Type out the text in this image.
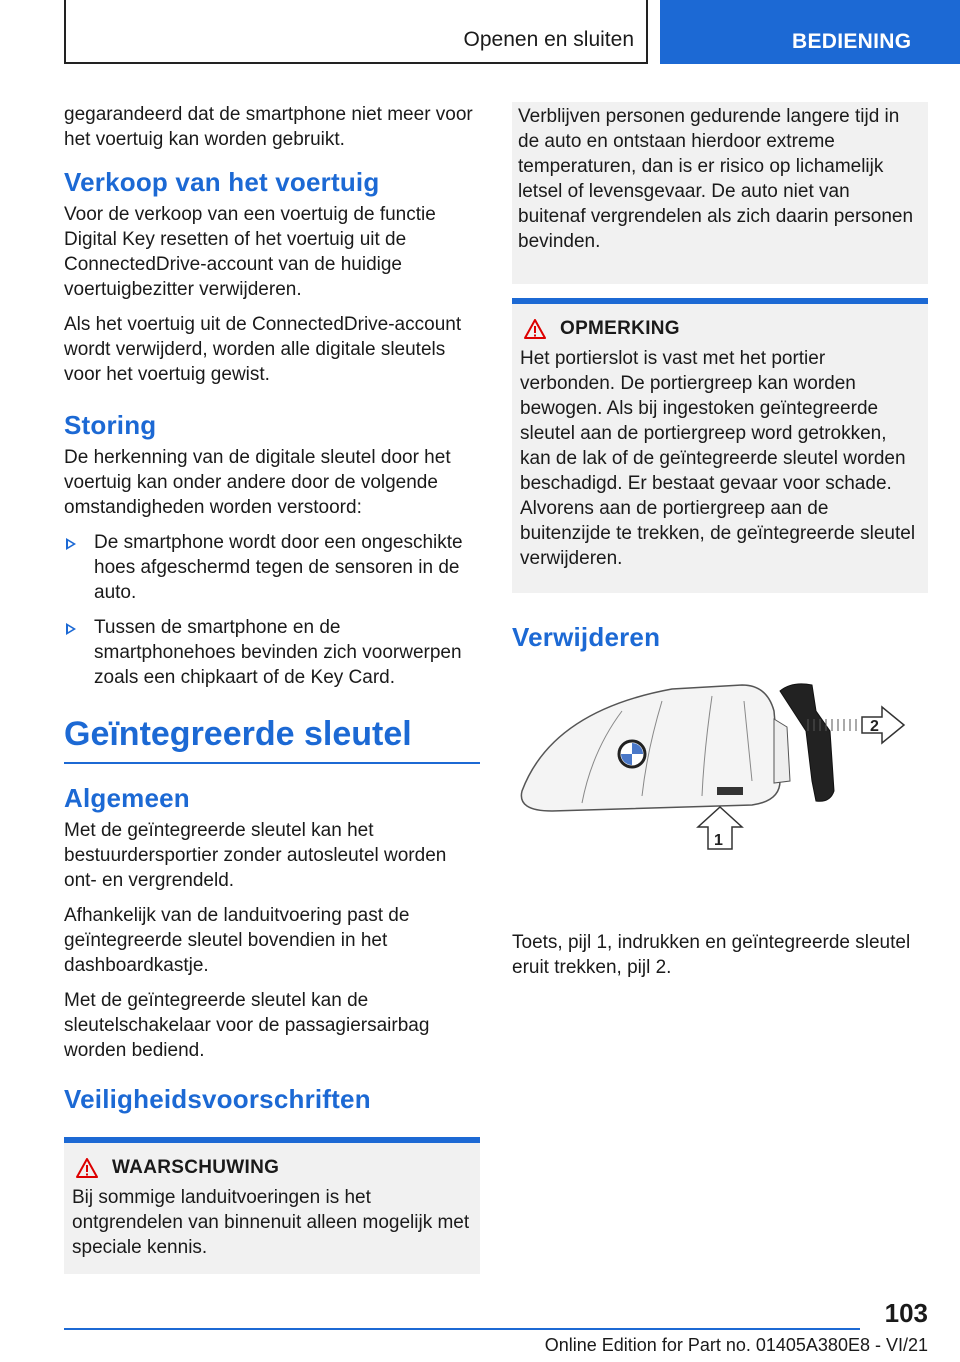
Openen en sluiten	BEDIENING

gegarandeerd dat de smartphone niet meer voor het voertuig kan worden gebruikt.

Verkoop van het voertuig

Voor de verkoop van een voertuig de functie Digital Key resetten of het voertuig uit de ConnectedDrive-account van de huidige voertuigbezitter verwijderen.

Als het voertuig uit de ConnectedDrive-account wordt verwijderd, worden alle digitale sleutels voor het voertuig gewist.

Storing

De herkenning van de digitale sleutel door het voertuig kan onder andere door de volgende omstandigheden worden verstoord:

De smartphone wordt door een ongeschikte hoes afgeschermd tegen de sensoren in de auto.
Tussen de smartphone en de smartphonehoes bevinden zich voorwerpen zoals een chipkaart of de Key Card.
Geïntegreerde sleutel
Algemeen

Met de geïntegreerde sleutel kan het bestuurdersportier zonder autosleutel worden ont- en vergrendeld.

Afhankelijk van de landuitvoering past de geïntegreerde sleutel bovendien in het dashboardkastje.

Met de geïntegreerde sleutel kan de sleutelschakelaar voor de passagiersairbag worden bediend.

Veiligheidsvoorschriften
WAARSCHUWING

Bij sommige landuitvoeringen is het ontgrendelen van binnenuit alleen mogelijk met speciale kennis.

Verblijven personen gedurende langere tijd in de auto en ontstaan hierdoor extreme temperaturen, dan is er risico op lichamelijk letsel of levensgevaar. De auto niet van buitenaf vergrendelen als zich daarin personen bevinden.

OPMERKING

Het portierslot is vast met het portier verbonden. De portiergreep kan worden bewogen. Als bij ingestoken geïntegreerde sleutel aan de portiergreep word getrokken, kan de lak of de geïntegreerde sleutel worden beschadigd. Er bestaat gevaar voor schade. Alvorens aan de portiergreep aan de buitenzijde te trekken, de geïntegreerde sleutel verwijderen.

Verwijderen
2
1

Toets, pijl 1, indrukken en geïntegreerde sleutel eruit trekken, pijl 2.

103
Online Edition for Part no. 01405A380E8 - VI/21
